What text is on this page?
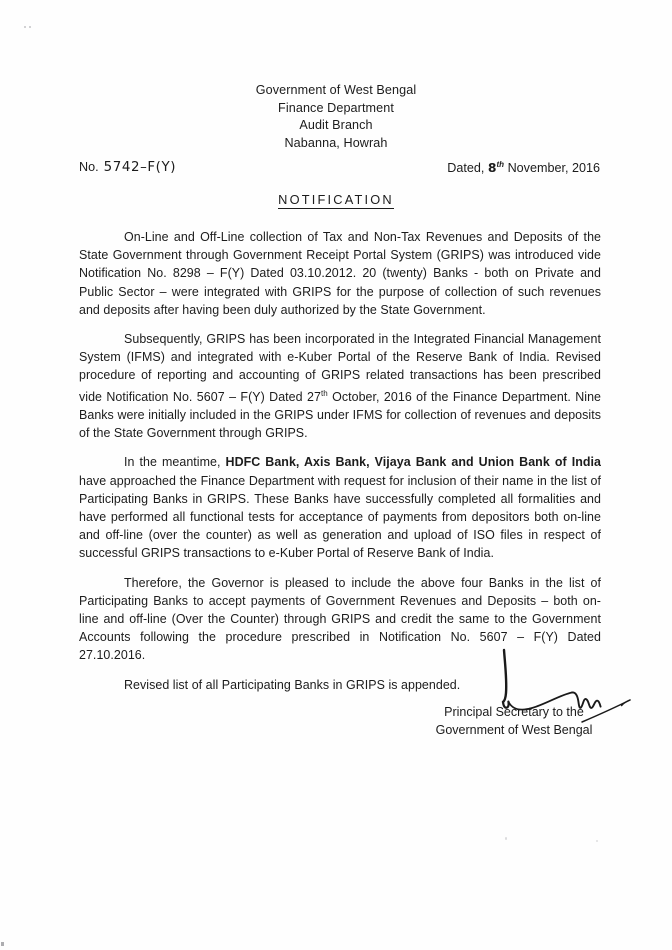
Government of West Bengal
Finance Department
Audit Branch
Nabanna, Howrah
No. 5742–F(Y)	Dated, 8th November, 2016
NOTIFICATION

On-Line and Off-Line collection of Tax and Non-Tax Revenues and Deposits of the State Government through Government Receipt Portal System (GRIPS) was introduced vide Notification No. 8298 – F(Y) Dated 03.10.2012. 20 (twenty) Banks - both on Private and Public Sector – were integrated with GRIPS for the purpose of collection of such revenues and deposits after having been duly authorized by the State Government.

Subsequently, GRIPS has been incorporated in the Integrated Financial Management System (IFMS) and integrated with e-Kuber Portal of the Reserve Bank of India. Revised procedure of reporting and accounting of GRIPS related transactions has been prescribed vide Notification No. 5607 – F(Y) Dated 27th October, 2016 of the Finance Department. Nine Banks were initially included in the GRIPS under IFMS for collection of revenues and deposits of the State Government through GRIPS.

In the meantime, HDFC Bank, Axis Bank, Vijaya Bank and Union Bank of India have approached the Finance Department with request for inclusion of their name in the list of Participating Banks in GRIPS. These Banks have successfully completed all formalities and have performed all functional tests for acceptance of payments from depositors both on-line and off-line (over the counter) as well as generation and upload of ISO files in respect of successful GRIPS transactions to e-Kuber Portal of Reserve Bank of India.

Therefore, the Governor is pleased to include the above four Banks in the list of Participating Banks to accept payments of Government Revenues and Deposits – both on-line and off-line (Over the Counter) through GRIPS and credit the same to the Government Accounts following the procedure prescribed in Notification No. 5607 – F(Y) Dated 27.10.2016.

Revised list of all Participating Banks in GRIPS is appended.

Principal Secretary to the
Government of West Bengal
